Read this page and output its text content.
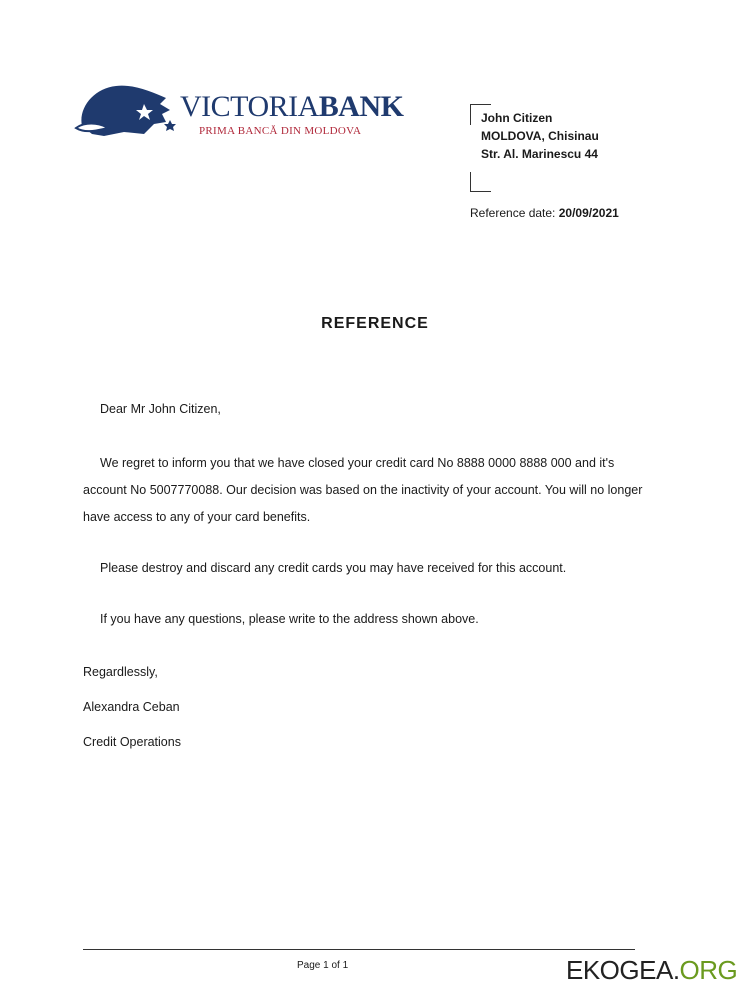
VICTORIABANK
PRIMA BANCĂ DIN MOLDOVA
John Citizen
MOLDOVA, Chisinau
Str. Al. Marinescu 44
Reference date: 20/09/2021
REFERENCE
Dear Mr John Citizen,
We regret to inform you that we have closed your credit card No 8888 0000 8888 000 and it's account No 5007770088. Our decision was based on the inactivity of your account. You will no longer have access to any of your card benefits.
Please destroy and discard any credit cards you may have received for this account.
If you have any questions, please write to the address shown above.
Regardlessly,
Alexandra Ceban
Credit Operations
Page 1 of 1	EKOGEA.ORG
